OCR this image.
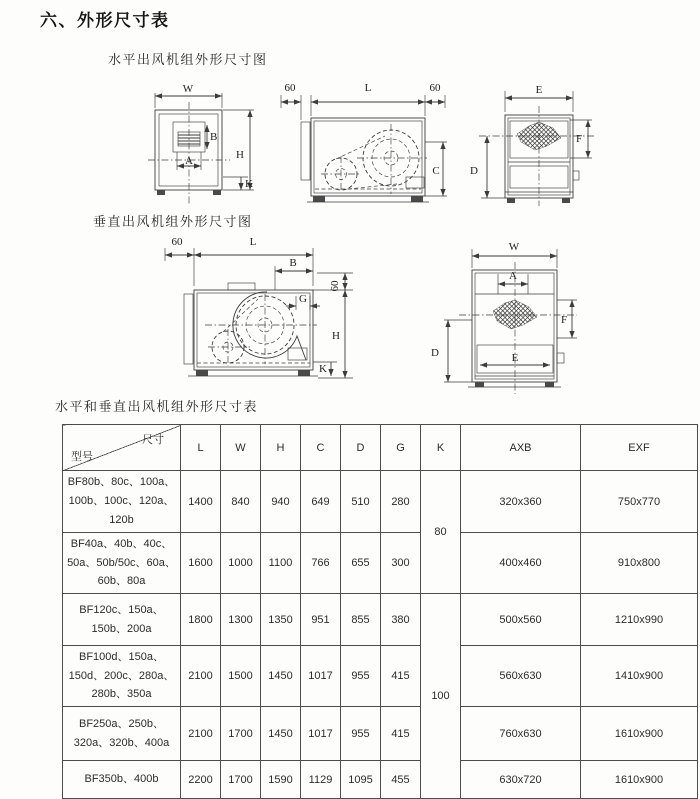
六、外形尺寸表
水平出风机组外形尺寸图
W
B
A	H
K
60	L	60
C
E
F
D
垂直出风机组外形尺寸图
60	L
B
60
G
H
K
W
A
F
D	E
水平和垂直出风机组外形尺寸表
尺寸
型号	L	W	H	C	D	G	K	AXB	EXF
BF80b、80c、100a、100b、100c、120a、120b	1400	840	940	649	510	280	80	320x360	750x770
BF40a、40b、40c、50a、50b/50c、60a、60b、80a	1600	1000	1100	766	655	300		400x460	910x800
BF120c、150a、150b、200a	1800	1300	1350	951	855	380	100	500x560	1210x990
BF100d、150a、150d、200c、280a、280b、350a	2100	1500	1450	1017	955	415		560x630	1410x900
BF250a、250b、320a、320b、400a	2100	1700	1450	1017	955	415		760x630	1610x900
BF350b、400b	2200	1700	1590	1129	1095	455		630x720	1610x900
